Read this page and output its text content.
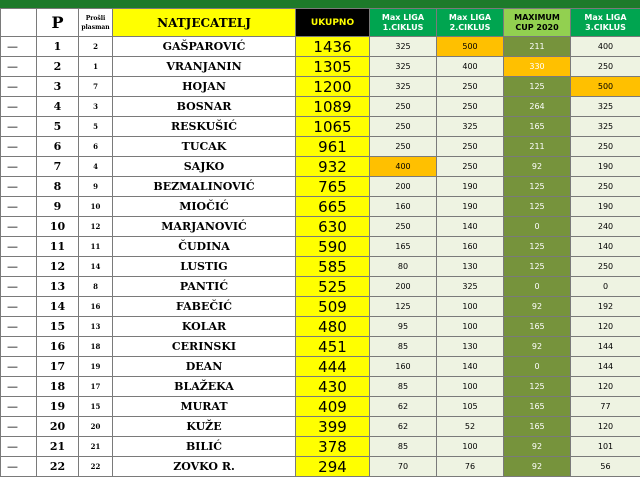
	P	Prošli plasman	NATJECATELJ	UKUPNO	Max LIGA 1.CIKLUS	Max LIGA 2.CIKLUS	MAXIMUM CUP 2020	Max LIGA 3.CIKLUS
—	1	2	GAŠPAROVIĆ	1436	325	500	211	400
—	2	1	VRANJANIN	1305	325	400	330	250
—	3	7	HOJAN	1200	325	250	125	500
—	4	3	BOSNAR	1089	250	250	264	325
—	5	5	RESKUŠIĆ	1065	250	325	165	325
—	6	6	TUCAK	961	250	250	211	250
—	7	4	SAJKO	932	400	250	92	190
—	8	9	BEZMALINOVIĆ	765	200	190	125	250
—	9	10	MIOČIĆ	665	160	190	125	190
—	10	12	MARJANOVIĆ	630	250	140	0	240
—	11	11	ČUDINA	590	165	160	125	140
—	12	14	LUSTIG	585	80	130	125	250
—	13	8	PANTIĆ	525	200	325	0	0
—	14	16	FABEČIĆ	509	125	100	92	192
—	15	13	KOLAR	480	95	100	165	120
—	16	18	CERINSKI	451	85	130	92	144
—	17	19	DEAN	444	160	140	0	144
—	18	17	BLAŽEKA	430	85	100	125	120
—	19	15	MURAT	409	62	105	165	77
—	20	20	KUŽE	399	62	52	165	120
—	21	21	BILIĆ	378	85	100	92	101
—	22	22	ZOVKO R.	294	70	76	92	56
